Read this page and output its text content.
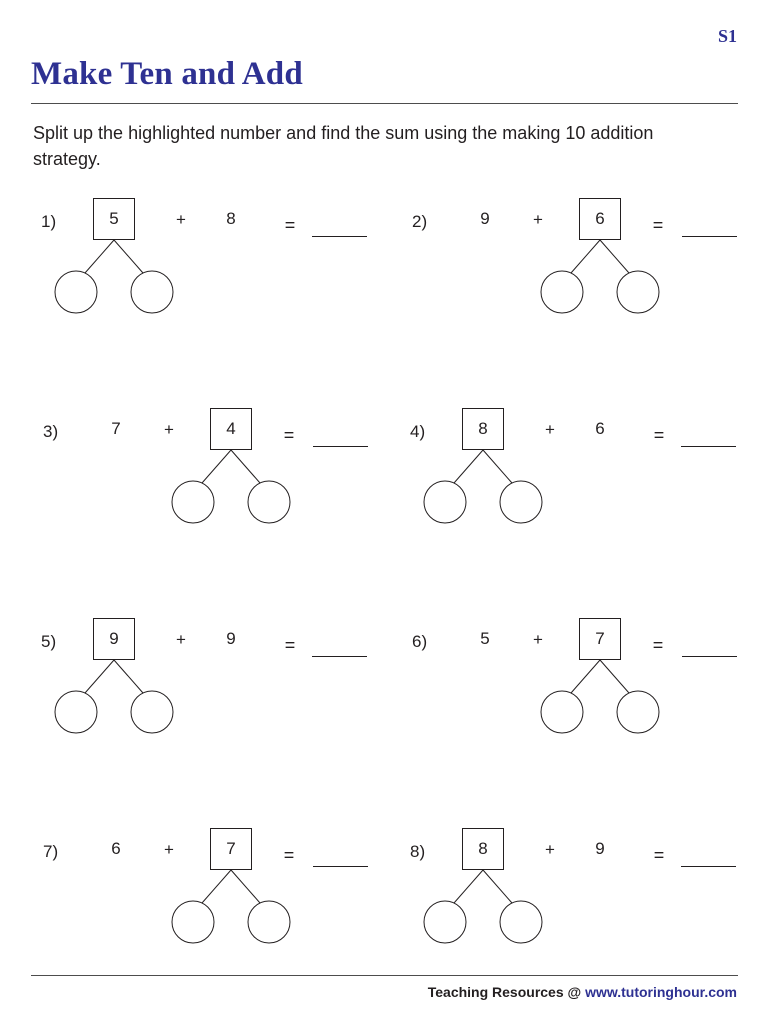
S1
Make Ten and Add

Split up the highlighted number and find the sum using the making 10 addition strategy.

1)	5	+	8	=	2)	9	+	6	=
3)	7	+	4	=	4)	8	+	6	=
5)	9	+	9	=	6)	5	+	7	=
7)	6	+	7	=	8)	8	+	9	=
Teaching Resources @ www.tutoringhour.com
